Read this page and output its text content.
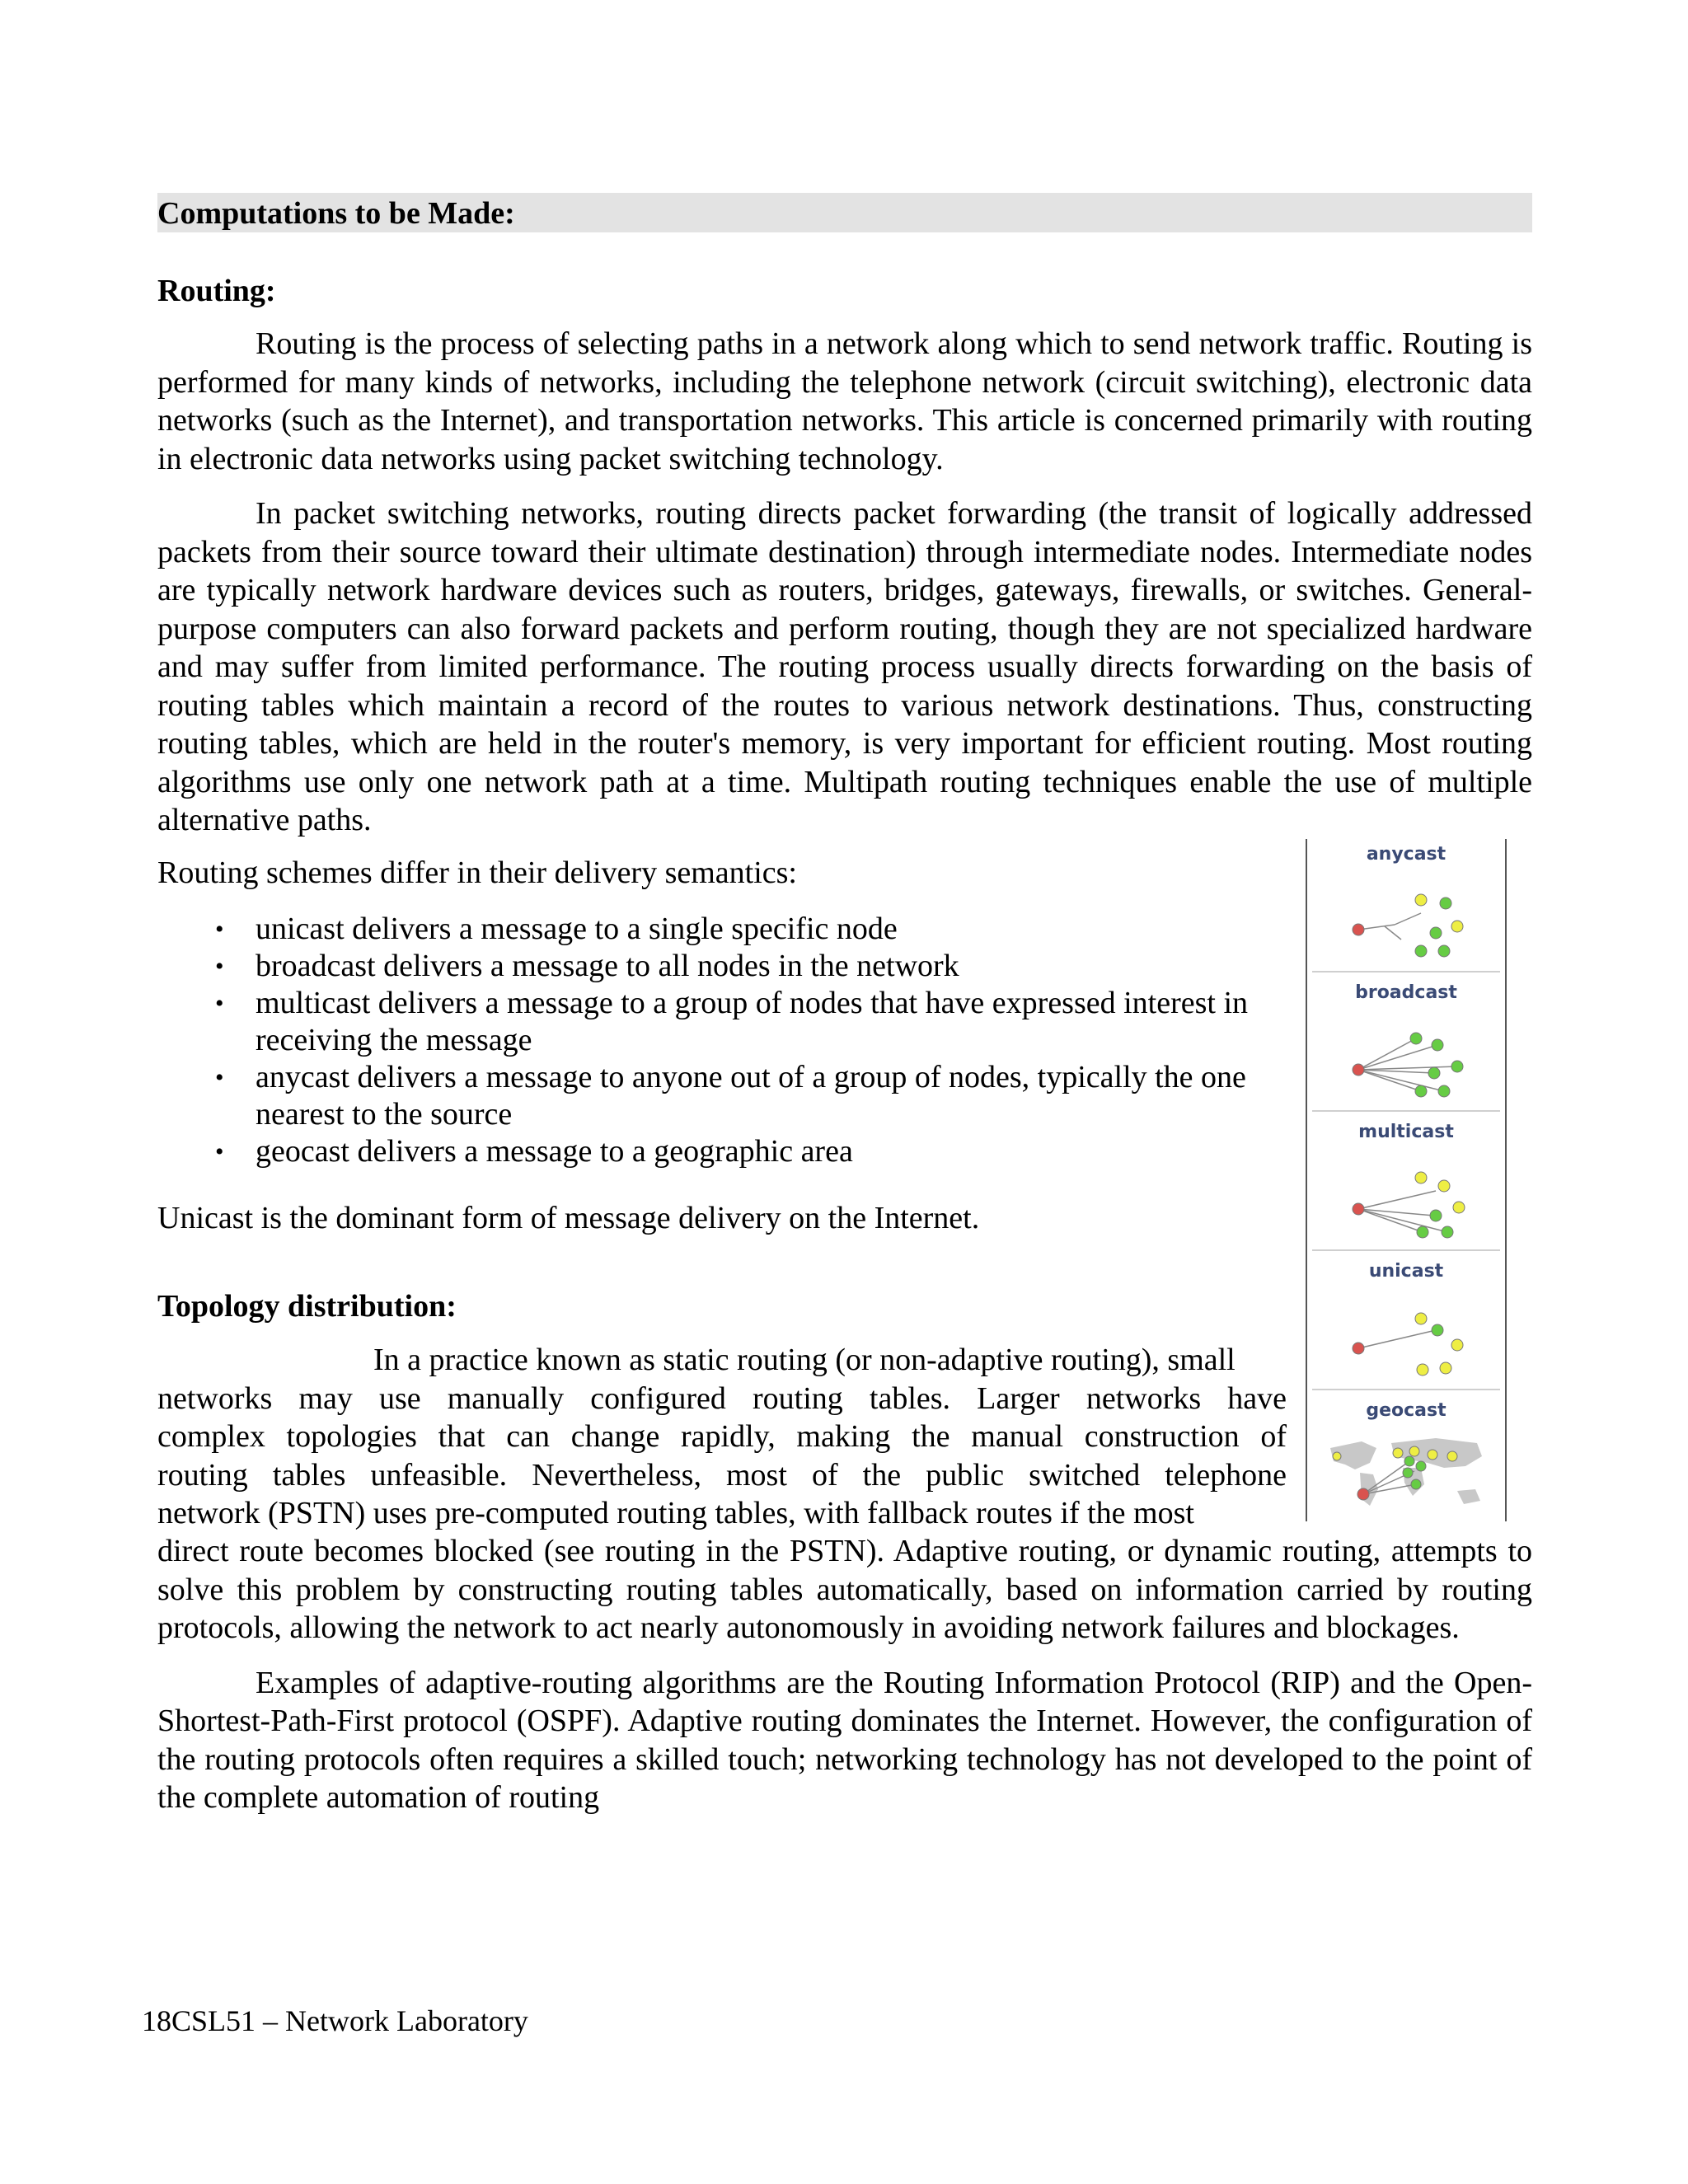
Computations to be Made:

Routing:

Routing is the process of selecting paths in a network along which to send network traffic. Routing is performed for many kinds of networks, including the telephone network (circuit switching), electronic data networks (such as the Internet), and transportation networks. This article is concerned primarily with routing in electronic data networks using packet switching technology.

In packet switching networks, routing directs packet forwarding (the transit of logically addressed packets from their source toward their ultimate destination) through intermediate nodes. Intermediate nodes are typically network hardware devices such as routers, bridges, gateways, firewalls, or switches. General-purpose computers can also forward packets and perform routing, though they are not specialized hardware and may suffer from limited performance. The routing process usually directs forwarding on the basis of routing tables which maintain a record of the routes to various network destinations. Thus, constructing routing tables, which are held in the router's memory, is very important for efficient routing. Most routing algorithms use only one network path at a time. Multipath routing techniques enable the use of multiple alternative paths.

Routing schemes differ in their delivery semantics:

• unicast delivers a message to a single specific node
• broadcast delivers a message to all nodes in the network
• multicast delivers a message to a group of nodes that have expressed interest in receiving the message
• anycast delivers a message to anyone out of a group of nodes, typically the one nearest to the source
• geocast delivers a message to a geographic area

Unicast is the dominant form of message delivery on the Internet.

Topology distribution:

In a practice known as static routing (or non-adaptive routing), small
networks may use manually configured routing tables. Larger networks have
complex topologies that can change rapidly, making the manual construction of
routing tables unfeasible. Nevertheless, most of the public switched telephone
network (PSTN) uses pre-computed routing tables, with fallback routes if the most

direct route becomes blocked (see routing in the PSTN). Adaptive routing, or dynamic routing, attempts to solve this problem by constructing routing tables automatically, based on information carried by routing protocols, allowing the network to act nearly autonomously in avoiding network failures and blockages.

Examples of adaptive-routing algorithms are the Routing Information Protocol (RIP) and the Open-Shortest-Path-First protocol (OSPF). Adaptive routing dominates the Internet. However, the configuration of the routing protocols often requires a skilled touch; networking technology has not developed to the point of the complete automation of routing

anycast
broadcast
multicast
unicast
geocast
18CSL51 – Network Laboratory
